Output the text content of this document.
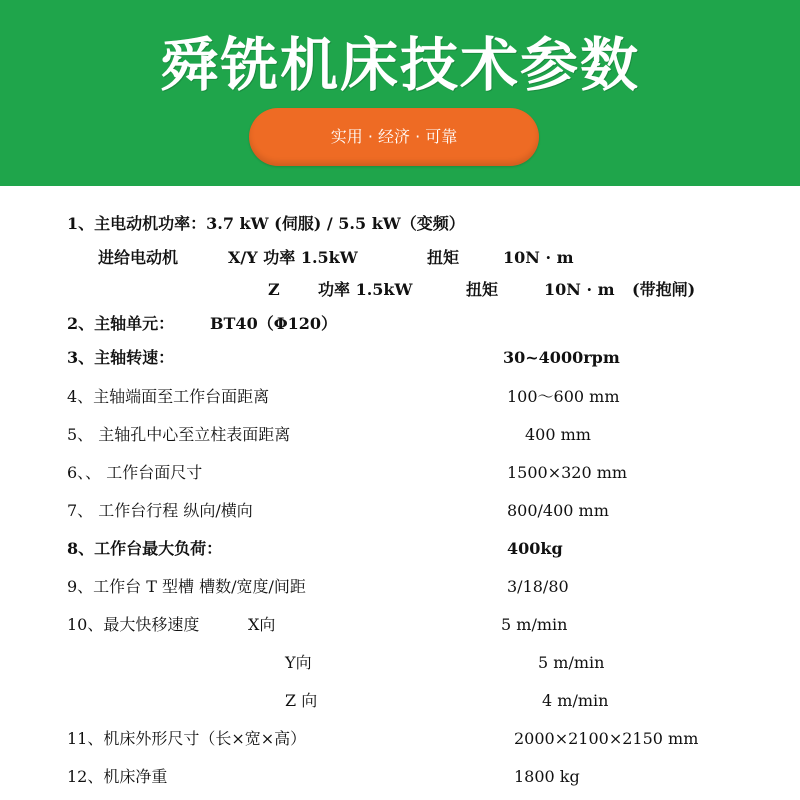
舜铣机床技术参数
实用 · 经济 · 可靠
1、主电动机功率：3.7 kW (伺服) / 5.5 kW（变频）
进给电动机	X/Y 功率 1.5kW	扭矩	10N · m
Z 功率 1.5kW	扭矩	10N · m (带抱闸)
2、主轴单元： BT40（Φ120）
3、主轴转速：	30~4000rpm
4、主轴端面至工作台面距离	100～600 mm
5、 主轴孔中心至立柱表面距离	400 mm
6、、 工作台面尺寸	1500×320 mm
7、 工作台行程 纵向/横向	800/400 mm
8、工作台最大负荷：	400kg
9、工作台 T 型槽 槽数/宽度/间距	3/18/80
10、最大快移速度	X向	5 m/min
Y向	5 m/min
Z 向	4 m/min
11、机床外形尺寸（长×宽×高）	2000×2100×2150 mm
12、机床净重	1800 kg
